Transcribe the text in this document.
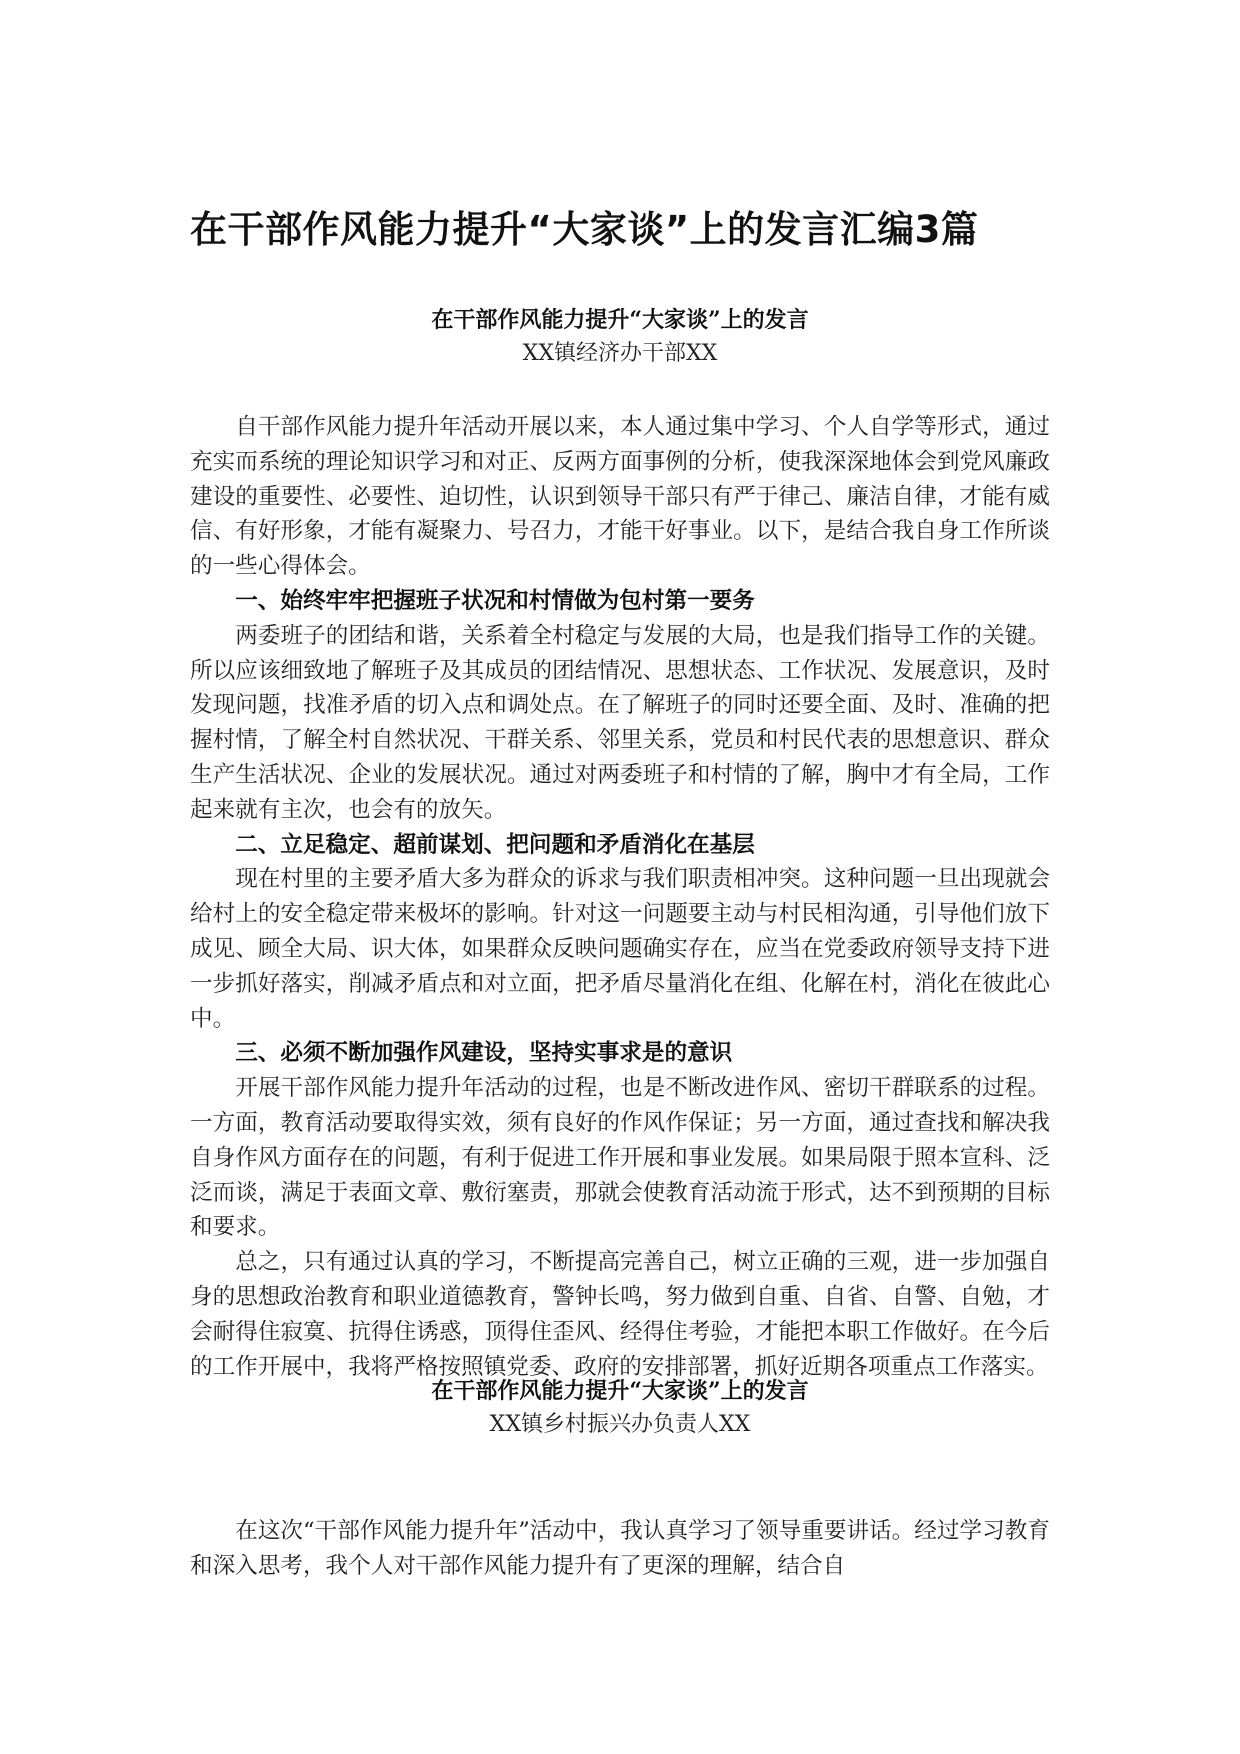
在干部作风能力提升“大家谈”上的发言汇编3篇

在干部作风能力提升“大家谈”上的发言

XX镇经济办干部XX

自干部作风能力提升年活动开展以来，本人通过集中学习、个人自学等形式，通过充实而系统的理论知识学习和对正、反两方面事例的分析，使我深深地体会到党风廉政建设的重要性、必要性、迫切性，认识到领导干部只有严于律己、廉洁自律，才能有威信、有好形象，才能有凝聚力、号召力，才能干好事业。以下，是结合我自身工作所谈的一些心得体会。

一、始终牢牢把握班子状况和村情做为包村第一要务

两委班子的团结和谐，关系着全村稳定与发展的大局，也是我们指导工作的关键。所以应该细致地了解班子及其成员的团结情况、思想状态、工作状况、发展意识，及时发现问题，找准矛盾的切入点和调处点。在了解班子的同时还要全面、及时、准确的把握村情，了解全村自然状况、干群关系、邻里关系，党员和村民代表的思想意识、群众生产生活状况、企业的发展状况。通过对两委班子和村情的了解，胸中才有全局，工作起来就有主次，也会有的放矢。

二、立足稳定、超前谋划、把问题和矛盾消化在基层

现在村里的主要矛盾大多为群众的诉求与我们职责相冲突。这种问题一旦出现就会给村上的安全稳定带来极坏的影响。针对这一问题要主动与村民相沟通，引导他们放下成见、顾全大局、识大体，如果群众反映问题确实存在，应当在党委政府领导支持下进一步抓好落实，削减矛盾点和对立面，把矛盾尽量消化在组、化解在村，消化在彼此心中。

三、必须不断加强作风建设，坚持实事求是的意识

开展干部作风能力提升年活动的过程，也是不断改进作风、密切干群联系的过程。一方面，教育活动要取得实效，须有良好的作风作保证；另一方面，通过查找和解决我自身作风方面存在的问题，有利于促进工作开展和事业发展。如果局限于照本宣科、泛泛而谈，满足于表面文章、敷衍塞责，那就会使教育活动流于形式，达不到预期的目标和要求。

总之，只有通过认真的学习，不断提高完善自己，树立正确的三观，进一步加强自身的思想政治教育和职业道德教育，警钟长鸣，努力做到自重、自省、自警、自勉，才会耐得住寂寞、抗得住诱惑，顶得住歪风、经得住考验，才能把本职工作做好。在今后的工作开展中，我将严格按照镇党委、政府的安排部署，抓好近期各项重点工作落实。

在干部作风能力提升“大家谈”上的发言

XX镇乡村振兴办负责人XX

在这次“干部作风能力提升年”活动中，我认真学习了领导重要讲话。经过学习教育和深入思考，我个人对干部作风能力提升有了更深的理解，结合自
